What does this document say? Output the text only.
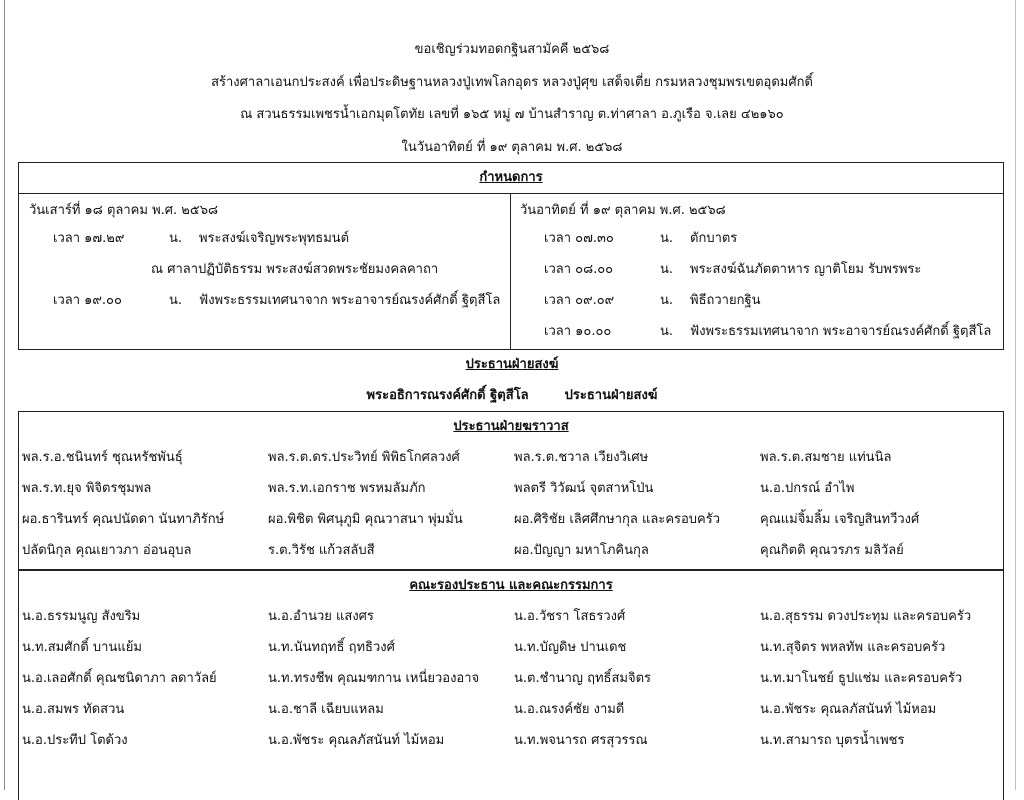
ขอเชิญร่วมทอดกฐินสามัคคี ๒๕๖๘
สร้างศาลาเอนกประสงค์ เพื่อประดิษฐานหลวงปู่เทพโลกอุดร หลวงปู่ศุข เสด็จเตี่ย กรมหลวงชุมพรเขตอุดมศักดิ์
ณ สวนธรรมเพชรน้ำเอกมุตโตทัย เลขที่ ๑๖๕ หมู่ ๗ บ้านสำราญ ต.ท่าศาลา อ.ภูเรือ จ.เลย ๔๒๑๖๐
ในวันอาทิตย์ ที่ ๑๙ ตุลาคม พ.ศ. ๒๕๖๘
กำหนดการ
วันเสาร์ที่ ๑๘ ตุลาคม พ.ศ. ๒๕๖๘
เวลา ๑๗.๒๙	น. พระสงฆ์เจริญพระพุทธมนต์
ณ ศาลาปฏิบัติธรรม พระสงฆ์สวดพระชัยมงคลคาถา
เวลา ๑๙.๐๐	น. ฟังพระธรรมเทศนาจาก พระอาจารย์ณรงค์ศักดิ์ ฐิตฺสีโล
วันอาทิตย์ ที่ ๑๙ ตุลาคม พ.ศ. ๒๕๖๘
เวลา ๐๗.๓๐	น. ตักบาตร
เวลา ๐๘.๐๐	น. พระสงฆ์ฉันภัตตาหาร ญาติโยม รับพรพระ
เวลา ๐๙.๐๙	น. พิธีถวายกฐิน
เวลา ๑๐.๐๐	น. ฟังพระธรรมเทศนาจาก พระอาจารย์ณรงค์ศักดิ์ ฐิตฺสีโล
ประธานฝ่ายสงฆ์
พระอธิการณรงค์ศักดิ์ ฐิตฺสีโล	ประธานฝ่ายสงฆ์
ประธานฝ่ายฆราวาส
พล.ร.อ.ชนินทร์ ชุณหรัชพันธุ์	พล.ร.ต.ดร.ประวิทย์ พิพิธโกศลวงศ์	พล.ร.ต.ชวาล เวียงวิเศษ	พล.ร.ต.สมชาย แท่นนิล
พล.ร.ท.ยุจ พิจิตรชุมพล	พล.ร.ท.เอกราช พรหมลัมภัก	พลตรี วิวัฒน์ จุตสาหโป่น	น.อ.ปกรณ์ อำไพ
ผอ.ธารินทร์ คุณปนัดดา นันทาภิรักษ์	ผอ.พิชิต พิศนุภูมิ คุณวาสนา พุ่มมั่น	ผอ.ศิริชัย เลิศศึกษากุล และครอบครัว	คุณแม่จิ้มลิ้ม เจริญสินทวีวงศ์
ปลัดนิกุล คุณเยาวภา อ่อนอุบล	ร.ต.วิรัช แก้วสลับสี	ผอ.ปัญญา มหาโภคินกุล	คุณกิตติ คุณวรภร มลิวัลย์
คณะรองประธาน และคณะกรรมการ
น.อ.ธรรมนูญ สังขริม	น.อ.อำนวย แสงศร	น.อ.วัชรา โสธรวงศ์	น.อ.สุธรรม ดวงประทุม และครอบครัว
น.ท.สมศักดิ์ บานแย้ม	น.ท.นันทฤทธิ์ ฤทธิวงศ์	น.ท.บัญดิษ ปานเดช	น.ท.สุจิตร พหลทัพ และครอบครัว
น.อ.เลอศักดิ์ คุณชนิดาภา ลดาวัลย์	น.ท.ทรงชีพ คุณมฑกาน เหนี่ยวองอาจ	น.ต.ชำนาญ ฤทธิ์สมจิตร	น.ท.มาโนชย์ ธูปแช่ม และครอบครัว
น.อ.สมพร ทัดสวน	น.อ.ชาลี เฉียบแหลม	น.อ.ณรงค์ชัย งามดี	น.อ.พัชระ คุณลภัสนันท์ ไม้หอม
น.อ.ประทีป โตด้วง	น.อ.พัชระ คุณลภัสนันท์ ไม้หอม	น.ท.พจนารถ ศรสุวรรณ	น.ท.สามารถ บุตรน้ำเพชร
